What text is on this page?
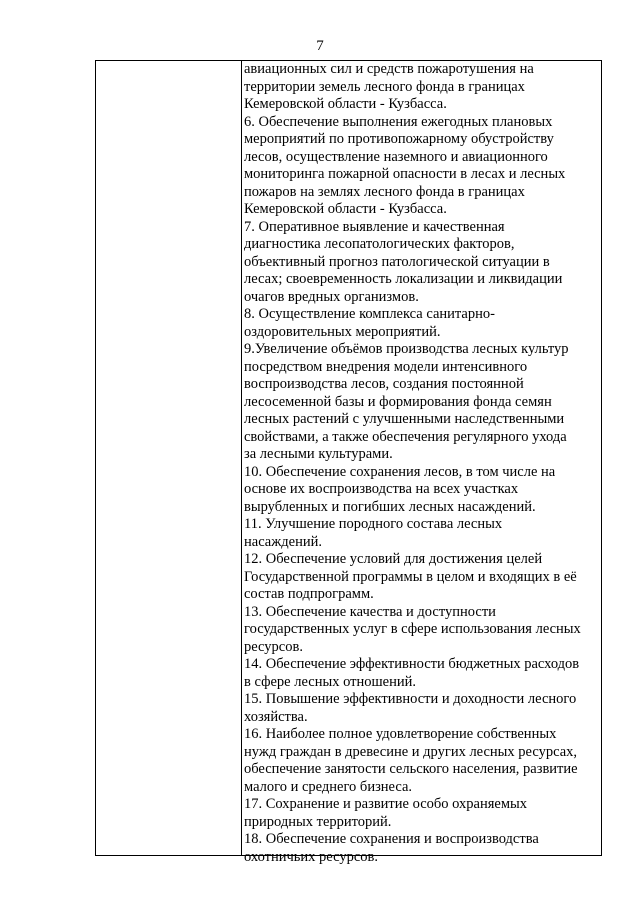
7
авиационных сил и средств пожаротушения на
территории земель лесного фонда в границах
Кемеровской области - Кузбасса.
6. Обеспечение выполнения ежегодных плановых
мероприятий по противопожарному обустройству
лесов, осуществление наземного и авиационного
мониторинга пожарной опасности в лесах и лесных
пожаров на землях лесного фонда в границах
Кемеровской области - Кузбасса.
7. Оперативное выявление и качественная
диагностика лесопатологических факторов,
объективный прогноз патологической ситуации в
лесах; своевременность локализации и ликвидации
очагов вредных организмов.
8. Осуществление комплекса санитарно-
оздоровительных мероприятий.
9.Увеличение объёмов производства лесных культур
посредством внедрения модели интенсивного
воспроизводства лесов, создания постоянной
лесосеменной базы и формирования фонда семян
лесных растений с улучшенными наследственными
свойствами, а также обеспечения регулярного ухода
за лесными культурами.
10. Обеспечение сохранения лесов, в том числе на
основе их воспроизводства на всех участках
вырубленных и погибших лесных насаждений.
11. Улучшение породного состава лесных
насаждений.
12. Обеспечение условий для достижения целей
Государственной программы в целом и входящих в её
состав подпрограмм.
13. Обеспечение качества и доступности
государственных услуг в сфере использования лесных
ресурсов.
14. Обеспечение эффективности бюджетных расходов
в сфере лесных отношений.
15. Повышение эффективности и доходности лесного
хозяйства.
16. Наиболее полное удовлетворение собственных
нужд граждан в древесине и других лесных ресурсах,
обеспечение занятости сельского населения, развитие
малого и среднего бизнеса.
17. Сохранение и развитие особо охраняемых
природных территорий.
18. Обеспечение сохранения и воспроизводства
охотничьих ресурсов.
